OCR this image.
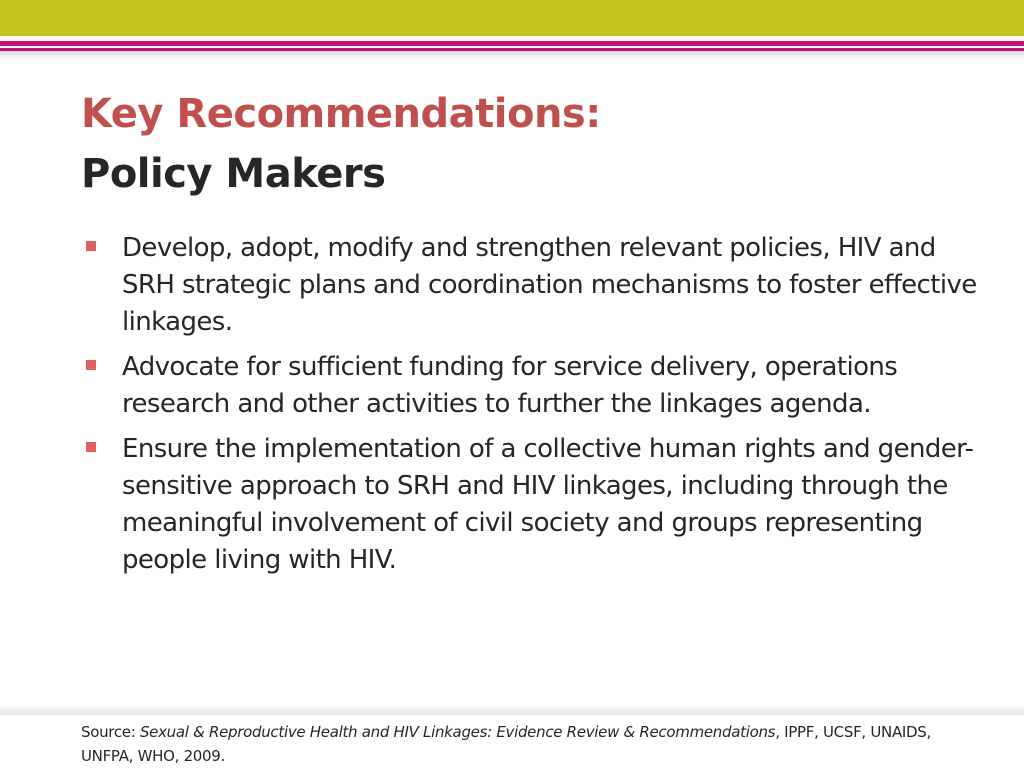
Key Recommendations:
Policy Makers
Develop, adopt, modify and strengthen relevant policies, HIV and SRH strategic plans and coordination mechanisms to foster effective linkages.
Advocate for sufficient funding for service delivery, operations research and other activities to further the linkages agenda.
Ensure the implementation of a collective human rights and gender-sensitive approach to SRH and HIV linkages, including through the meaningful involvement of civil society and groups representing people living with HIV.

Source: Sexual & Reproductive Health and HIV Linkages: Evidence Review & Recommendations, IPPF, UCSF, UNAIDS, UNFPA, WHO, 2009.
